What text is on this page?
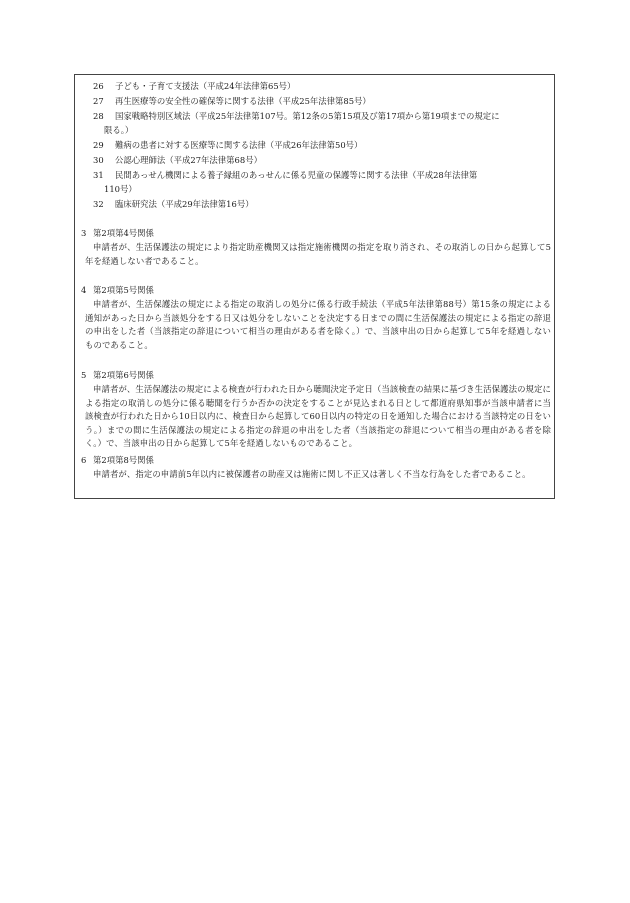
26 子ども・子育て支援法（平成24年法律第65号）
27 再生医療等の安全性の確保等に関する法律（平成25年法律第85号）
28 国家戦略特別区域法（平成25年法律第107号。第12条の5第15項及び第17項から第19項までの規定に
限る。）
29 難病の患者に対する医療等に関する法律（平成26年法律第50号）
30 公認心理師法（平成27年法律第68号）
31 民間あっせん機関による養子縁組のあっせんに係る児童の保護等に関する法律（平成28年法律第
110号）
32 臨床研究法（平成29年法律第16号）
3 第2項第4号関係
申請者が、生活保護法の規定により指定助産機関又は指定施術機関の指定を取り消され、その取消しの日から起算して5年を経過しない者であること。
4 第2項第5号関係
申請者が、生活保護法の規定による指定の取消しの処分に係る行政手続法（平成5年法律第88号）第15条の規定による通知があった日から当該処分をする日又は処分をしないことを決定する日までの間に生活保護法の規定による指定の辞退の申出をした者（当該指定の辞退について相当の理由がある者を除く。）で、当該申出の日から起算して5年を経過しないものであること。
5 第2項第6号関係
申請者が、生活保護法の規定による検査が行われた日から聴聞決定予定日（当該検査の結果に基づき生活保護法の規定による指定の取消しの処分に係る聴聞を行うか否かの決定をすることが見込まれる日として都道府県知事が当該申請者に当該検査が行われた日から10日以内に、検査日から起算して60日以内の特定の日を通知した場合における当該特定の日をいう。）までの間に生活保護法の規定による指定の辞退の申出をした者（当該指定の辞退について相当の理由がある者を除く。）で、当該申出の日から起算して5年を経過しないものであること。
6 第2項第8号関係
申請者が、指定の申請前5年以内に被保護者の助産又は施術に関し不正又は著しく不当な行為をした者であること。
